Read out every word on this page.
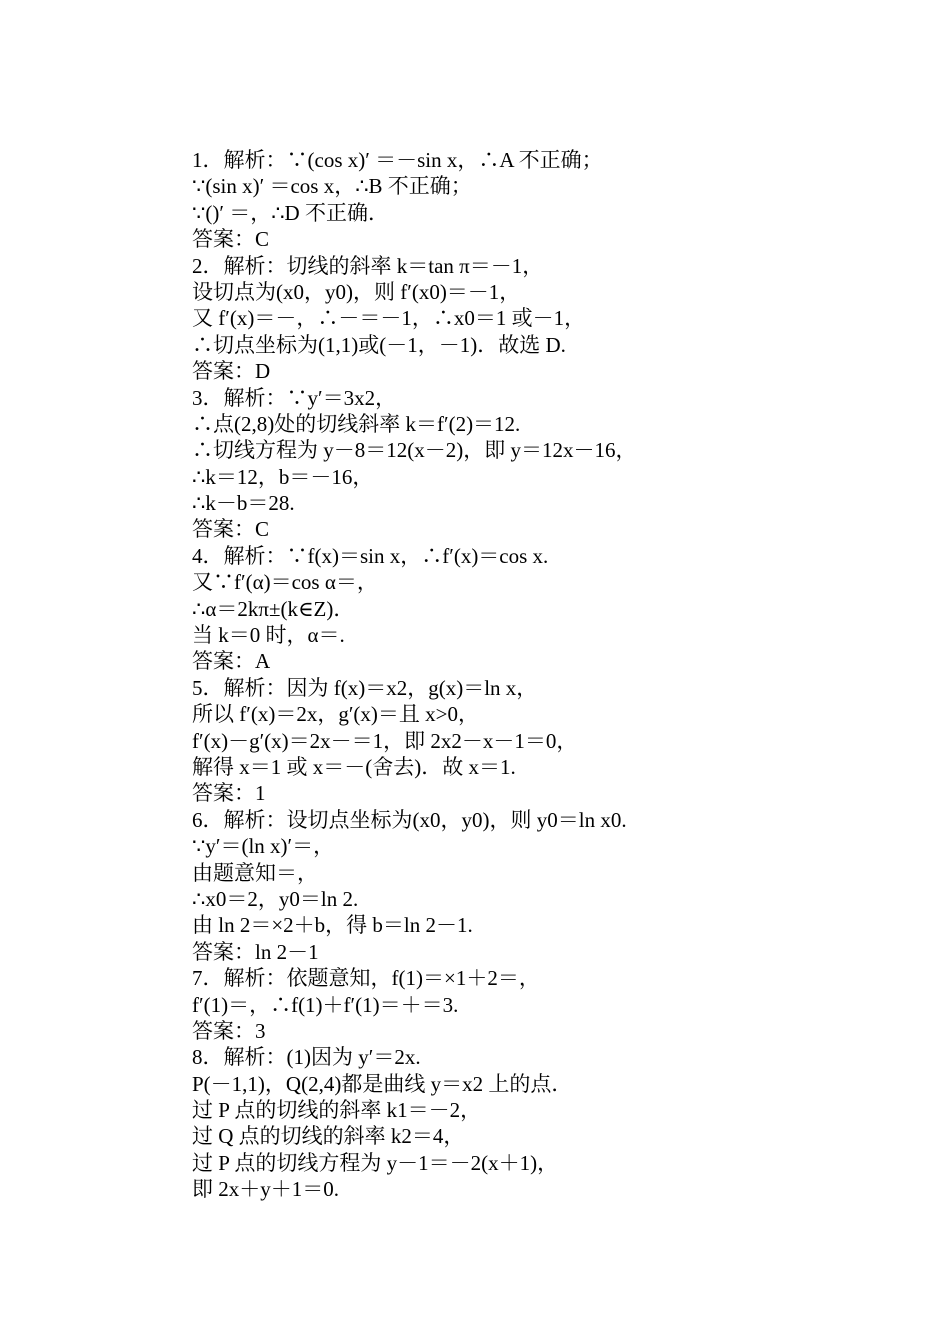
1．解析：∵(cos x)′ ＝－sin x，∴A 不正确；
∵(sin x)′ ＝cos x，∴B 不正确；
∵()′ ＝，∴D 不正确．
答案：C
2．解析：切线的斜率 k＝tan π＝－1，
设切点为(x0，y0)，则 f′(x0)＝－1，
又 f′(x)＝－，∴－＝－1，∴x0＝1 或－1，
∴切点坐标为(1,1)或(－1，－1)．故选 D.
答案：D
3．解析：∵y′＝3x2，
∴点(2,8)处的切线斜率 k＝f′(2)＝12.
∴切线方程为 y－8＝12(x－2)，即 y＝12x－16，
∴k＝12，b＝－16，
∴k－b＝28.
答案：C
4．解析：∵f(x)＝sin x，∴f′(x)＝cos x.
又∵f′(α)＝cos α＝，
∴α＝2kπ±(k∈Z)．
当 k＝0 时，α＝.
答案：A
5．解析：因为 f(x)＝x2，g(x)＝ln x，
所以 f′(x)＝2x，g′(x)＝且 x>0，
f′(x)－g′(x)＝2x－＝1，即 2x2－x－1＝0，
解得 x＝1 或 x＝－(舍去)．故 x＝1.
答案：1
6．解析：设切点坐标为(x0，y0)，则 y0＝ln x0.
∵y′＝(ln x)′＝，
由题意知＝，
∴x0＝2，y0＝ln 2.
由 ln 2＝×2＋b，得 b＝ln 2－1.
答案：ln 2－1
7．解析：依题意知，f(1)＝×1＋2＝，
f′(1)＝，∴f(1)＋f′(1)＝＋＝3.
答案：3
8．解析：(1)因为 y′＝2x.
P(－1,1)，Q(2,4)都是曲线 y＝x2 上的点．
过 P 点的切线的斜率 k1＝－2，
过 Q 点的切线的斜率 k2＝4，
过 P 点的切线方程为 y－1＝－2(x＋1)，
即 2x＋y＋1＝0.
